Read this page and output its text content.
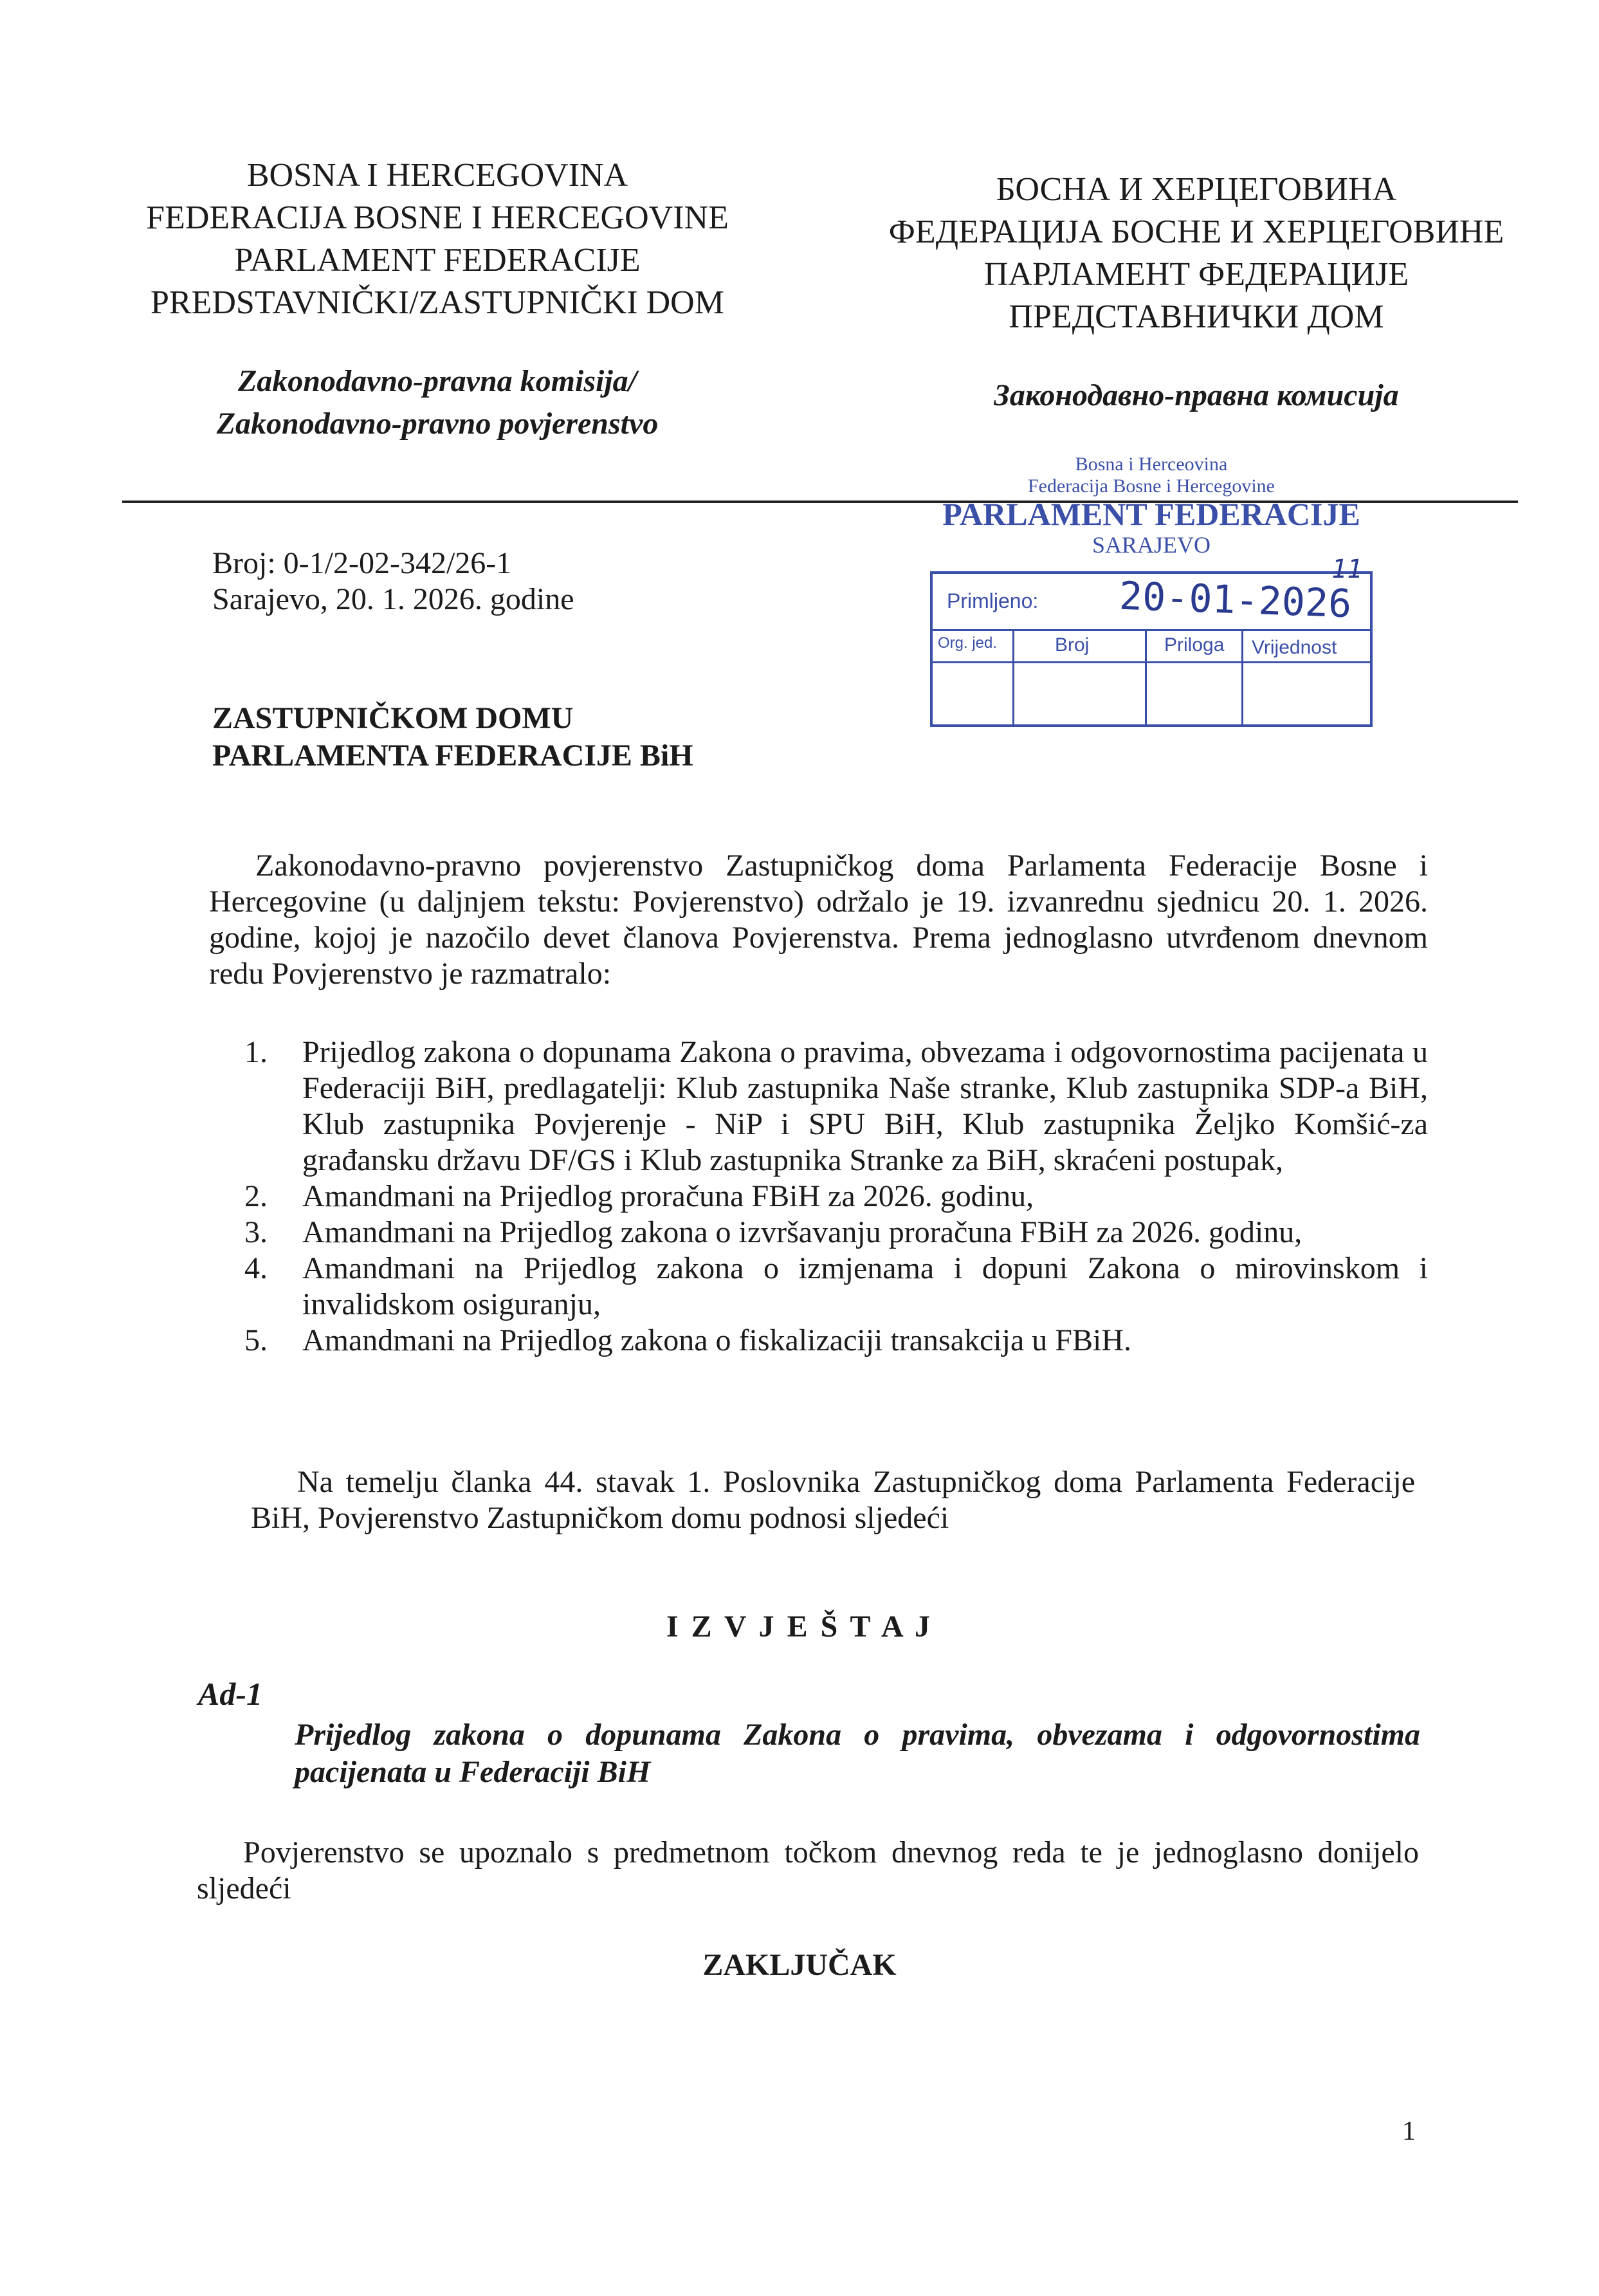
BOSNA I HERCEGOVINA
FEDERACIJA BOSNE I HERCEGOVINE
PARLAMENT FEDERACIJE
PREDSTAVNIČKI/ZASTUPNIČKI DOM
Zakonodavno-pravna komisija/
Zakonodavno-pravno povjerenstvo
БОСНА И ХЕРЦЕГОВИНА
ФЕДЕРАЦИЈА БОСНЕ И ХЕРЦЕГОВИНЕ
ПАРЛАМЕНТ ФЕДЕРАЦИЈЕ
ПРЕДСТАВНИЧКИ ДОМ
Законодавно-правна комисија
Bosna i Herceovina
Federacija Bosne i Hercegovine
PARLAMENT FEDERACIJE
SARAJEVO
Primljeno: 20-01-2026
11
Org. jed.	Broj	Priloga Vrijednost
Broj: 0-1/2-02-342/26-1
Sarajevo, 20. 1. 2026. godine
ZASTUPNIČKOM DOMU
PARLAMENTA FEDERACIJE BiH
Zakonodavno-pravno povjerenstvo Zastupničkog doma Parlamenta Federacije Bosne i Hercegovine (u daljnjem tekstu: Povjerenstvo) održalo je 19. izvanrednu sjednicu 20. 1. 2026. godine, kojoj je nazočilo devet članova Povjerenstva. Prema jednoglasno utvrđenom dnevnom redu Povjerenstvo je razmatralo:
1. Prijedlog zakona o dopunama Zakona o pravima, obvezama i odgovornostima pacijenata u Federaciji BiH, predlagatelji: Klub zastupnika Naše stranke, Klub zastupnika SDP-a BiH, Klub zastupnika Povjerenje - NiP i SPU BiH, Klub zastupnika Željko Komšić-za građansku državu DF/GS i Klub zastupnika Stranke za BiH, skraćeni postupak,
2. Amandmani na Prijedlog proračuna FBiH za 2026. godinu,
3. Amandmani na Prijedlog zakona o izvršavanju proračuna FBiH za 2026. godinu,
4. Amandmani na Prijedlog zakona o izmjenama i dopuni Zakona o mirovinskom i invalidskom osiguranju,
5. Amandmani na Prijedlog zakona o fiskalizaciji transakcija u FBiH.
Na temelju članka 44. stavak 1. Poslovnika Zastupničkog doma Parlamenta Federacije BiH, Povjerenstvo Zastupničkom domu podnosi sljedeći
I Z V J E Š T A J
Ad-1
Prijedlog zakona o dopunama Zakona o pravima, obvezama i odgovornostima pacijenata u Federaciji BiH
Povjerenstvo se upoznalo s predmetnom točkom dnevnog reda te je jednoglasno donijelo sljedeći
ZAKLJUČAK
1
